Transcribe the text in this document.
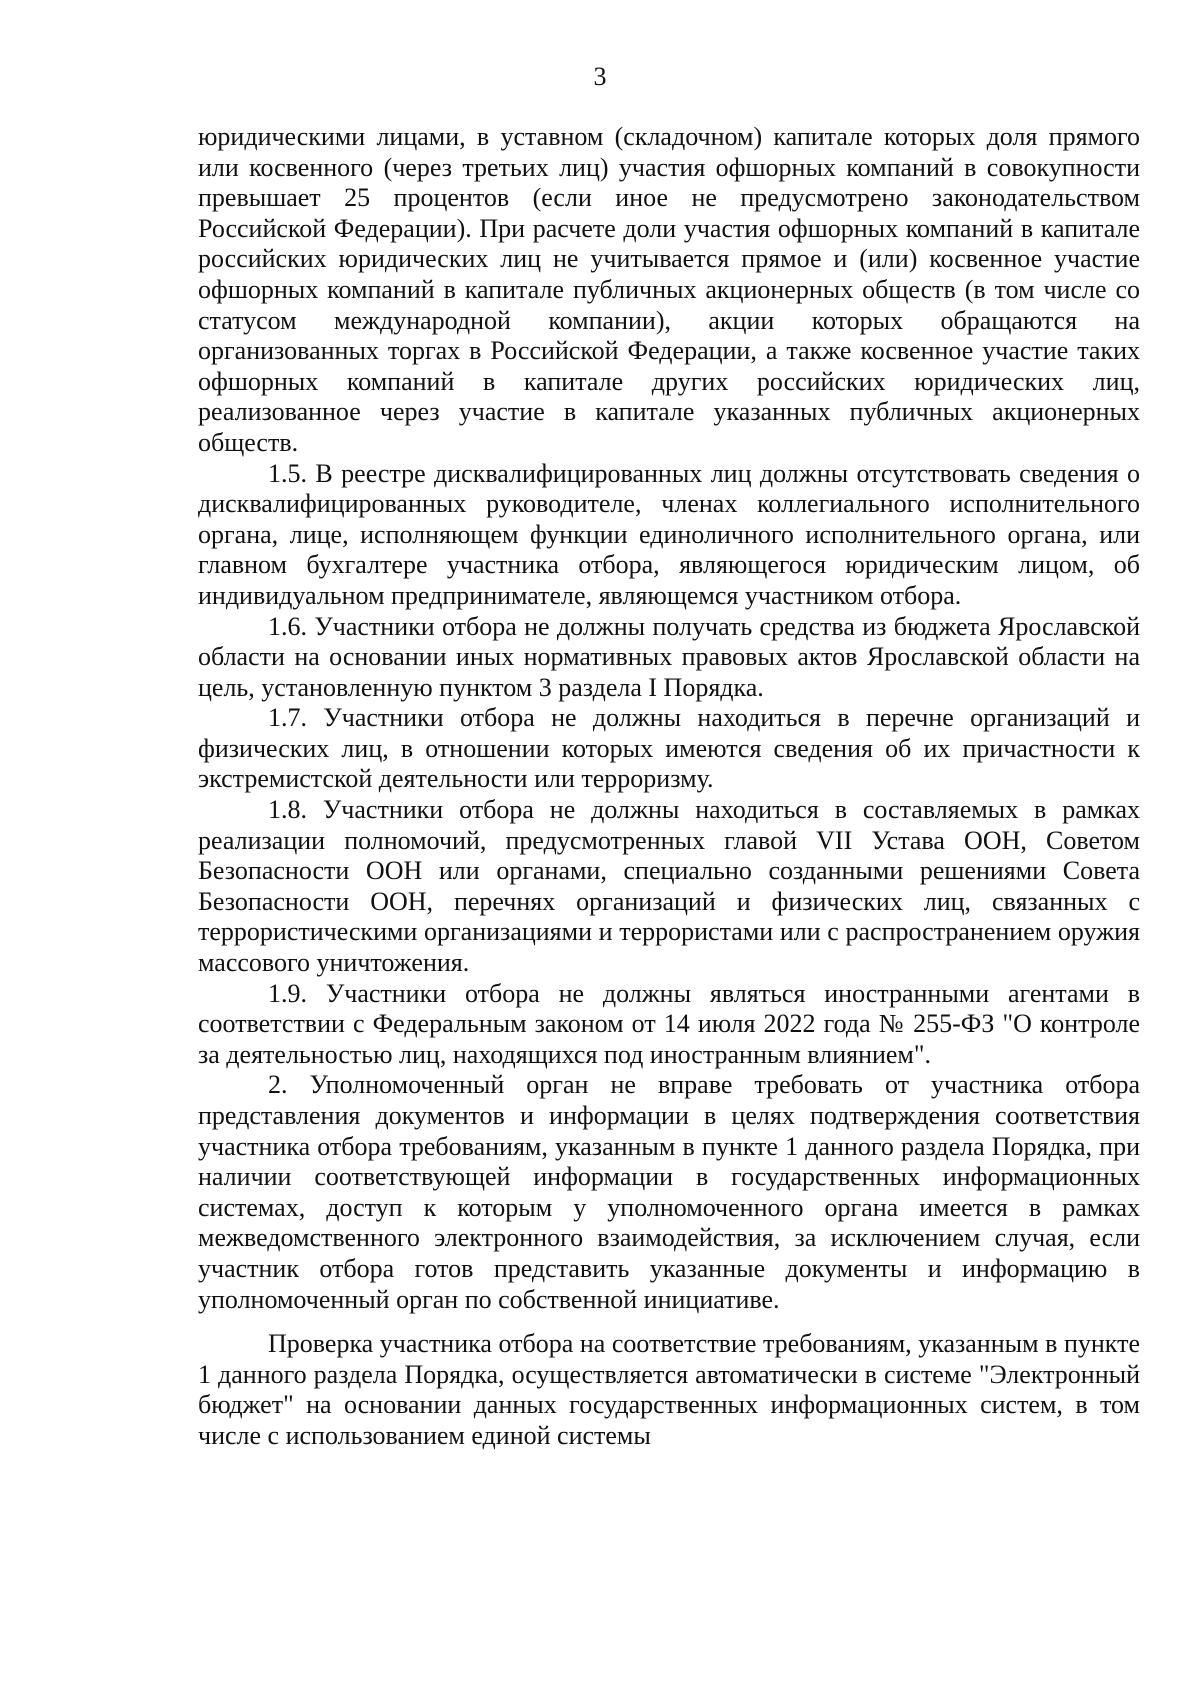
3

юридическими лицами, в уставном (складочном) капитале которых доля прямого или косвенного (через третьих лиц) участия офшорных компаний в совокупности превышает 25 процентов (если иное не предусмотрено законодательством Российской Федерации). При расчете доли участия офшорных компаний в капитале российских юридических лиц не учитывается прямое и (или) косвенное участие офшорных компаний в капитале публичных акционерных обществ (в том числе со статусом международной компании), акции которых обращаются на организованных торгах в Российской Федерации, а также косвенное участие таких офшорных компаний в капитале других российских юридических лиц, реализованное через участие в капитале указанных публичных акционерных обществ.

1.5. В реестре дисквалифицированных лиц должны отсутствовать сведения о дисквалифицированных руководителе, членах коллегиального исполнительного органа, лице, исполняющем функции единоличного исполнительного органа, или главном бухгалтере участника отбора, являющегося юридическим лицом, об индивидуальном предпринимателе, являющемся участником отбора.

1.6. Участники отбора не должны получать средства из бюджета Ярославской области на основании иных нормативных правовых актов Ярославской области на цель, установленную пунктом 3 раздела I Порядка.

1.7. Участники отбора не должны находиться в перечне организаций и физических лиц, в отношении которых имеются сведения об их причастности к экстремистской деятельности или терроризму.

1.8. Участники отбора не должны находиться в составляемых в рамках реализации полномочий, предусмотренных главой VII Устава ООН, Советом Безопасности ООН или органами, специально созданными решениями Совета Безопасности ООН, перечнях организаций и физических лиц, связанных с террористическими организациями и террористами или с распространением оружия массового уничтожения.

1.9. Участники отбора не должны являться иностранными агентами в соответствии с Федеральным законом от 14 июля 2022 года № 255-ФЗ "О контроле за деятельностью лиц, находящихся под иностранным влиянием".

2. Уполномоченный орган не вправе требовать от участника отбора представления документов и информации в целях подтверждения соответствия участника отбора требованиям, указанным в пункте 1 данного раздела Порядка, при наличии соответствующей информации в государственных информационных системах, доступ к которым у уполномоченного органа имеется в рамках межведомственного электронного взаимодействия, за исключением случая, если участник отбора готов представить указанные документы и информацию в уполномоченный орган по собственной инициативе.

Проверка участника отбора на соответствие требованиям, указанным в пункте 1 данного раздела Порядка, осуществляется автоматически в системе "Электронный бюджет" на основании данных государственных информационных систем, в том числе с использованием единой системы
